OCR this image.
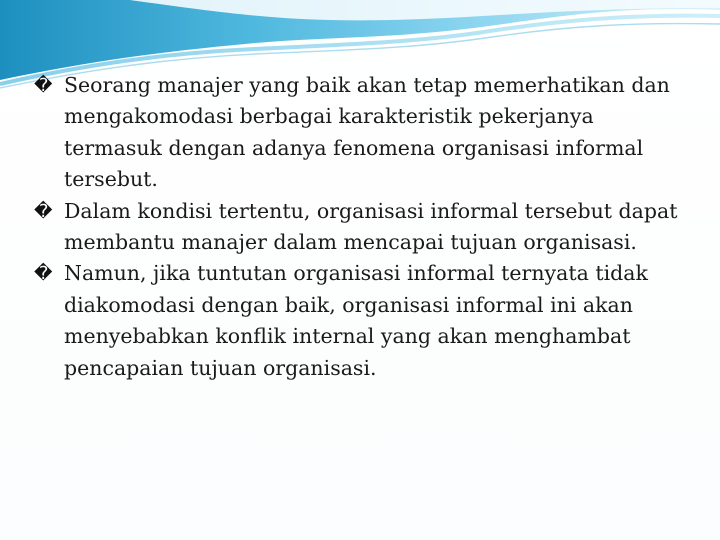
� Seorang manajer yang baik akan tetap memerhatikan dan mengakomodasi berbagai karakteristik pekerjanya termasuk dengan adanya fenomena organisasi informal tersebut.

� Dalam kondisi tertentu, organisasi informal tersebut dapat membantu manajer dalam mencapai tujuan organisasi.

� Namun, jika tuntutan organisasi informal ternyata tidak diakomodasi dengan baik, organisasi informal ini akan menyebabkan konflik internal yang akan menghambat pencapaian tujuan organisasi.
